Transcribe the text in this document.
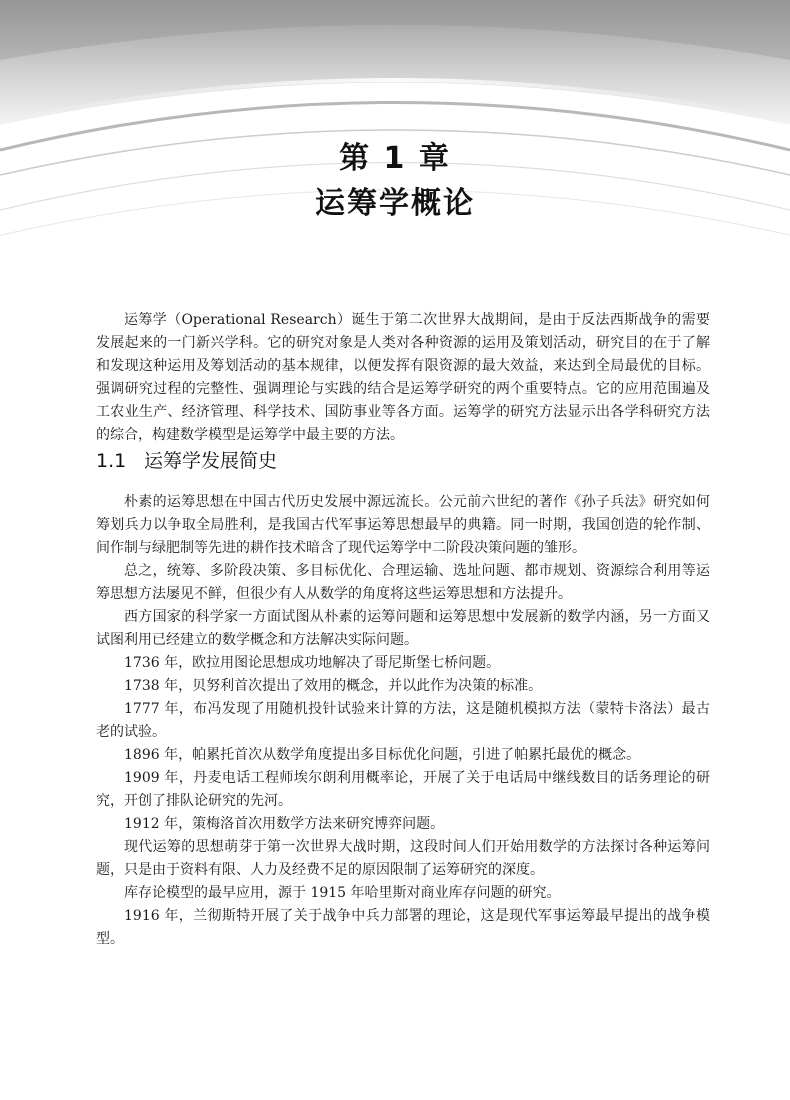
第 1 章
运筹学概论

运筹学（Operational Research）诞生于第二次世界大战期间，是由于反法西斯战争的需要发展起来的一门新兴学科。它的研究对象是人类对各种资源的运用及策划活动，研究目的在于了解和发现这种运用及筹划活动的基本规律，以便发挥有限资源的最大效益，来达到全局最优的目标。强调研究过程的完整性、强调理论与实践的结合是运筹学研究的两个重要特点。它的应用范围遍及工农业生产、经济管理、科学技术、国防事业等各方面。运筹学的研究方法显示出各学科研究方法的综合，构建数学模型是运筹学中最主要的方法。

1.1 运筹学发展简史

朴素的运筹思想在中国古代历史发展中源远流长。公元前六世纪的著作《孙子兵法》研究如何筹划兵力以争取全局胜利，是我国古代军事运筹思想最早的典籍。同一时期，我国创造的轮作制、间作制与绿肥制等先进的耕作技术暗含了现代运筹学中二阶段决策问题的雏形。

总之，统筹、多阶段决策、多目标优化、合理运输、选址问题、都市规划、资源综合利用等运筹思想方法屡见不鲜，但很少有人从数学的角度将这些运筹思想和方法提升。

西方国家的科学家一方面试图从朴素的运筹问题和运筹思想中发展新的数学内涵，另一方面又试图利用已经建立的数学概念和方法解决实际问题。

1736 年，欧拉用图论思想成功地解决了哥尼斯堡七桥问题。

1738 年，贝努利首次提出了效用的概念，并以此作为决策的标准。

1777 年，布冯发现了用随机投针试验来计算的方法，这是随机模拟方法（蒙特卡洛法）最古老的试验。

1896 年，帕累托首次从数学角度提出多目标优化问题，引进了帕累托最优的概念。

1909 年，丹麦电话工程师埃尔朗利用概率论，开展了关于电话局中继线数目的话务理论的研究，开创了排队论研究的先河。

1912 年，策梅洛首次用数学方法来研究博弈问题。

现代运筹的思想萌芽于第一次世界大战时期，这段时间人们开始用数学的方法探讨各种运筹问题，只是由于资料有限、人力及经费不足的原因限制了运筹研究的深度。

库存论模型的最早应用，源于 1915 年哈里斯对商业库存问题的研究。

1916 年，兰彻斯特开展了关于战争中兵力部署的理论，这是现代军事运筹最早提出的战争模型。
